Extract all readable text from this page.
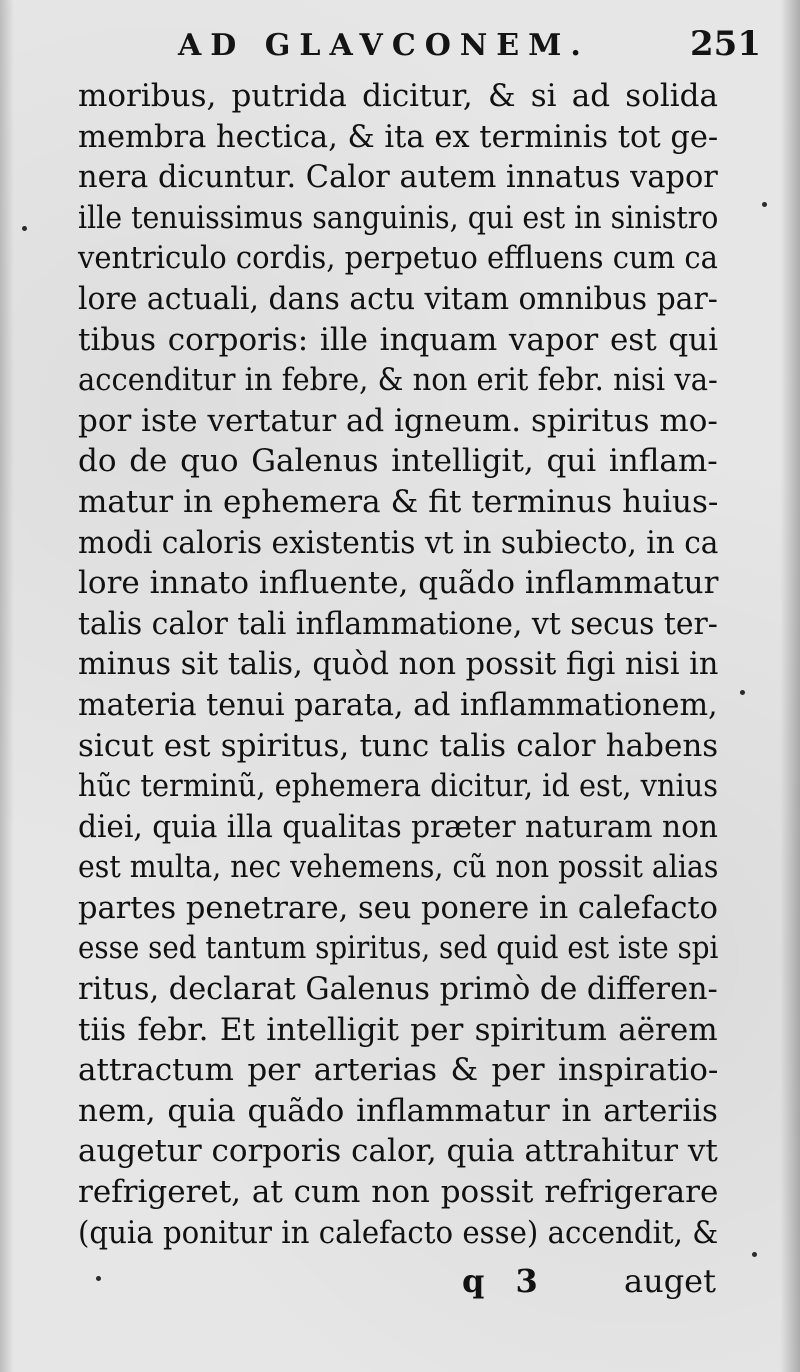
AD GLAVCONEM.	251
moribus, putrida dicitur, & si ad solida
membra hectica, & ita ex terminis tot ge-
nera dicuntur. Calor autem innatus vapor
ille tenuissimus sanguinis, qui est in sinistro
ventriculo cordis, perpetuo effluens cum ca
lore actuali, dans actu vitam omnibus par-
tibus corporis: ille inquam vapor est qui
accenditur in febre, & non erit febr. nisi va-
por iste vertatur ad igneum. spiritus mo-
do de quo Galenus intelligit, qui inflam-
matur in ephemera & fit terminus huius-
modi caloris existentis vt in subiecto, in ca
lore innato influente, quãdo inflammatur
talis calor tali inflammatione, vt secus ter-
minus sit talis, quòd non possit figi nisi in
materia tenui parata, ad inflammationem,
sicut est spiritus, tunc talis calor habens
hũc terminũ, ephemera dicitur, id est, vnius
diei, quia illa qualitas præter naturam non
est multa, nec vehemens, cũ non possit alias
partes penetrare, seu ponere in calefacto
esse sed tantum spiritus, sed quid est iste spi
ritus, declarat Galenus primò de differen-
tiis febr. Et intelligit per spiritum aërem
attractum per arterias & per inspiratio-
nem, quia quãdo inflammatur in arteriis
augetur corporis calor, quia attrahitur vt
refrigeret, at cum non possit refrigerare
(quia ponitur in calefacto esse) accendit, &
q 3 auget
